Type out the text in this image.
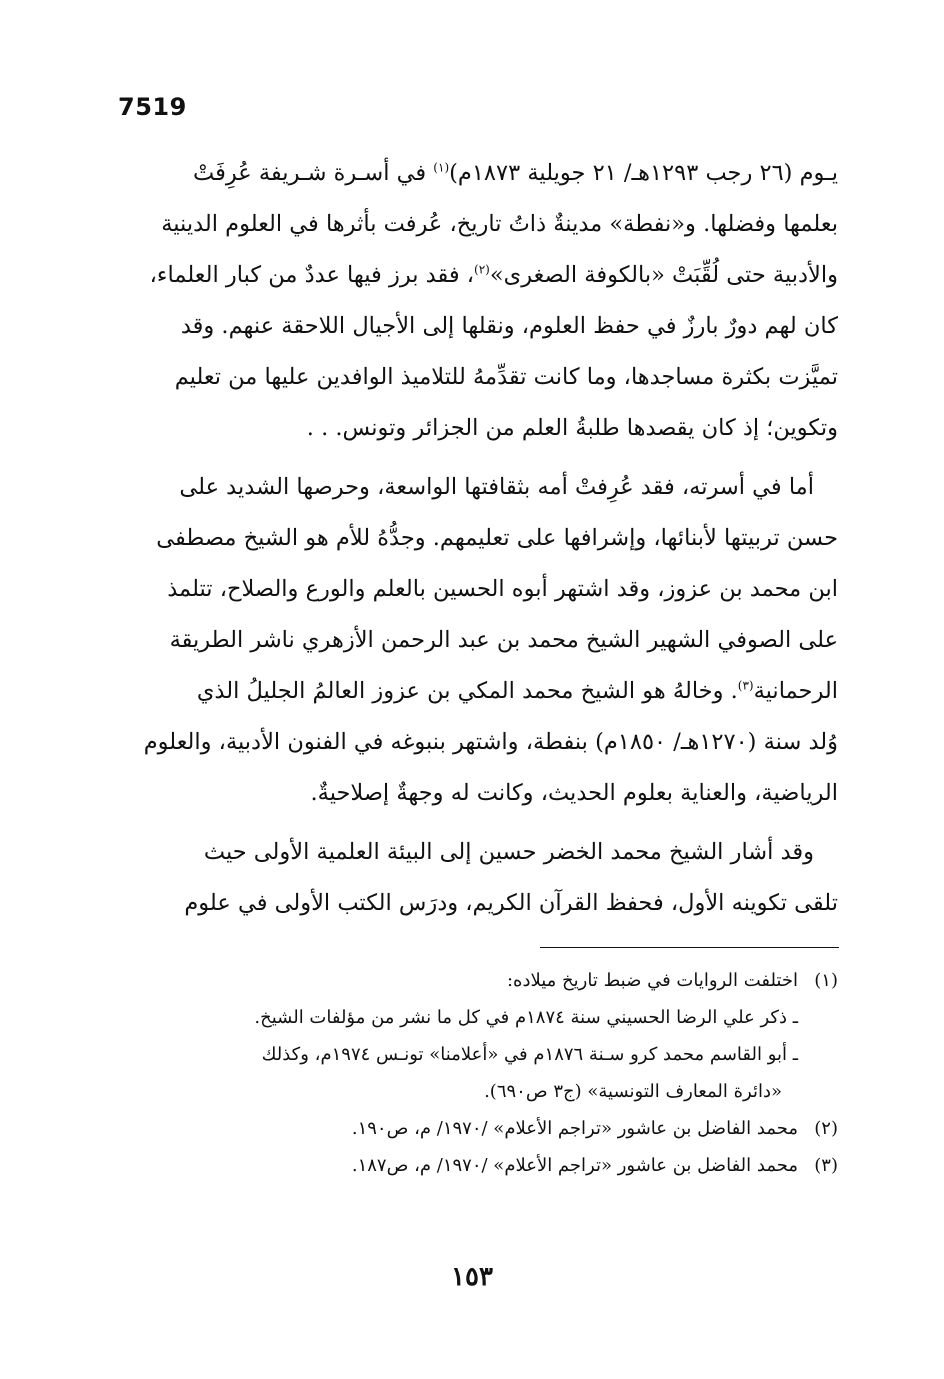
7519

يـوم (٢٦ رجب ١٢٩٣هـ/ ٢١ جويلية ١٨٧٣م)$^{(١)}$ في أسـرة شـريفة عُرِفَتْ

بعلمها وفضلها. و«نفطة» مدينةٌ ذاتُ تاريخ، عُرفت بأثرها في العلوم الدينية

والأدبية حتى لُقِّبَتْ «بالكوفة الصغرى»$^{(٢)}$، فقد برز فيها عددٌ من كبار العلماء،

كان لهم دورٌ بارزٌ في حفظ العلوم، ونقلها إلى الأجيال اللاحقة عنهم. وقد

تميَّزت بكثرة مساجدها، وما كانت تقدِّمهُ للتلاميذ الوافدين عليها من تعليم

وتكوين؛ إذ كان يقصدها طلبةُ العلم من الجزائر وتونس. . .

أما في أسرته، فقد عُرِفتْ أمه بثقافتها الواسعة، وحرصها الشديد على

حسن تربيتها لأبنائها، وإشرافها على تعليمهم. وجدُّهُ للأم هو الشيخ مصطفى

ابن محمد بن عزوز، وقد اشتهر أبوه الحسين بالعلم والورع والصلاح، تتلمذ

على الصوفي الشهير الشيخ محمد بن عبد الرحمن الأزهري ناشر الطريقة

الرحمانية$^{(٣)}$. وخالهُ هو الشيخ محمد المكي بن عزوز العالمُ الجليلُ الذي

وُلد سنة (١٢٧٠هـ/ ١٨٥٠م) بنفطة، واشتهر بنبوغه في الفنون الأدبية، والعلوم

الرياضية، والعناية بعلوم الحديث، وكانت له وجهةٌ إصلاحيةٌ.

وقد أشار الشيخ محمد الخضر حسين إلى البيئة العلمية الأولى حيث

تلقى تكوينه الأول، فحفظ القرآن الكريم، ودرَس الكتب الأولى في علوم

(١)اختلفت الروايات في ضبط تاريخ ميلاده:
ـ ذكر علي الرضا الحسيني سنة ١٨٧٤م في كل ما نشر من مؤلفات الشيخ.
ـ أبو القاسم محمد كرو سـنة ١٨٧٦م في «أعلامنا» تونـس ١٩٧٤م، وكذلك
«دائرة المعارف التونسية» (ج٣ ص٦٩٠).
(٢)محمد الفاضل بن عاشور «تراجم الأعلام» /١٩٧٠/ م، ص١٩٠.
(٣)محمد الفاضل بن عاشور «تراجم الأعلام» /١٩٧٠/ م، ص١٨٧.
١٥٣
